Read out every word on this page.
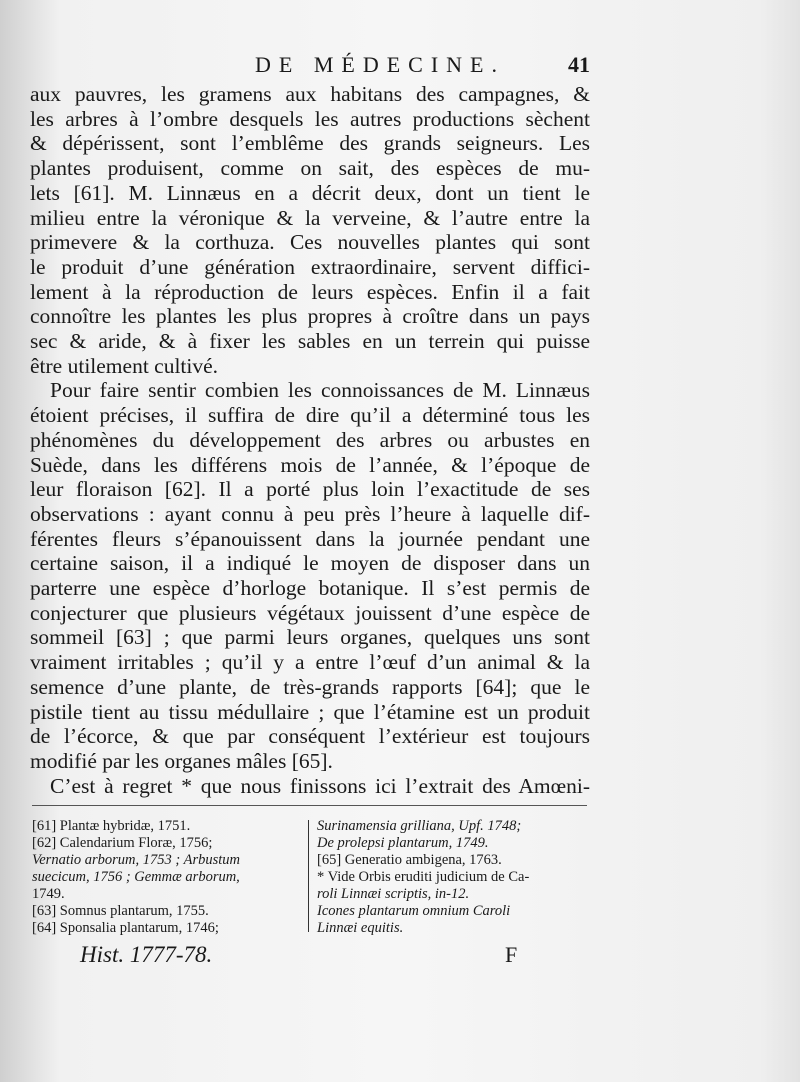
DE MÉDECINE.	41
aux pauvres, les gramens aux habitans des campagnes, &
les arbres à l’ombre desquels les autres productions sèchent
& dépérissent, sont l’emblême des grands seigneurs. Les
plantes produisent, comme on sait, des espèces de mu-
lets [61]. M. Linnæus en a décrit deux, dont un tient le
milieu entre la véronique & la verveine, & l’autre entre la
primevere & la corthuza. Ces nouvelles plantes qui sont
le produit d’une génération extraordinaire, servent diffici-
lement à la réproduction de leurs espèces. Enfin il a fait
connoître les plantes les plus propres à croître dans un pays
sec & aride, & à fixer les sables en un terrein qui puisse
être utilement cultivé.
Pour faire sentir combien les connoissances de M. Linnæus
étoient précises, il suffira de dire qu’il a déterminé tous les
phénomènes du développement des arbres ou arbustes en
Suède, dans les différens mois de l’année, & l’époque de
leur floraison [62]. Il a porté plus loin l’exactitude de ses
observations : ayant connu à peu près l’heure à laquelle dif-
férentes fleurs s’épanouissent dans la journée pendant une
certaine saison, il a indiqué le moyen de disposer dans un
parterre une espèce d’horloge botanique. Il s’est permis de
conjecturer que plusieurs végétaux jouissent d’une espèce de
sommeil [63] ; que parmi leurs organes, quelques uns sont
vraiment irritables ; qu’il y a entre l’œuf d’un animal & la
semence d’une plante, de très-grands rapports [64]; que le
pistile tient au tissu médullaire ; que l’étamine est un produit
de l’écorce, & que par conséquent l’extérieur est toujours
modifié par les organes mâles [65].
C’est à regret * que nous finissons ici l’extrait des Amœni-
[61] Plantæ hybridæ, 1751.
[62] Calendarium Floræ, 1756;
Vernatio arborum, 1753 ; Arbustum
suecicum, 1756 ; Gemmæ arborum,
1749.
[63] Somnus plantarum, 1755.
[64] Sponsalia plantarum, 1746;
Surinamensia grilliana, Upf. 1748;
De prolepsi plantarum, 1749.
[65] Generatio ambigena, 1763.
* Vide Orbis eruditi judicium de Ca-
roli Linnæi scriptis, in-12.
Icones plantarum omnium Caroli
Linnæi equitis.
Hist. 1777-78.	F
